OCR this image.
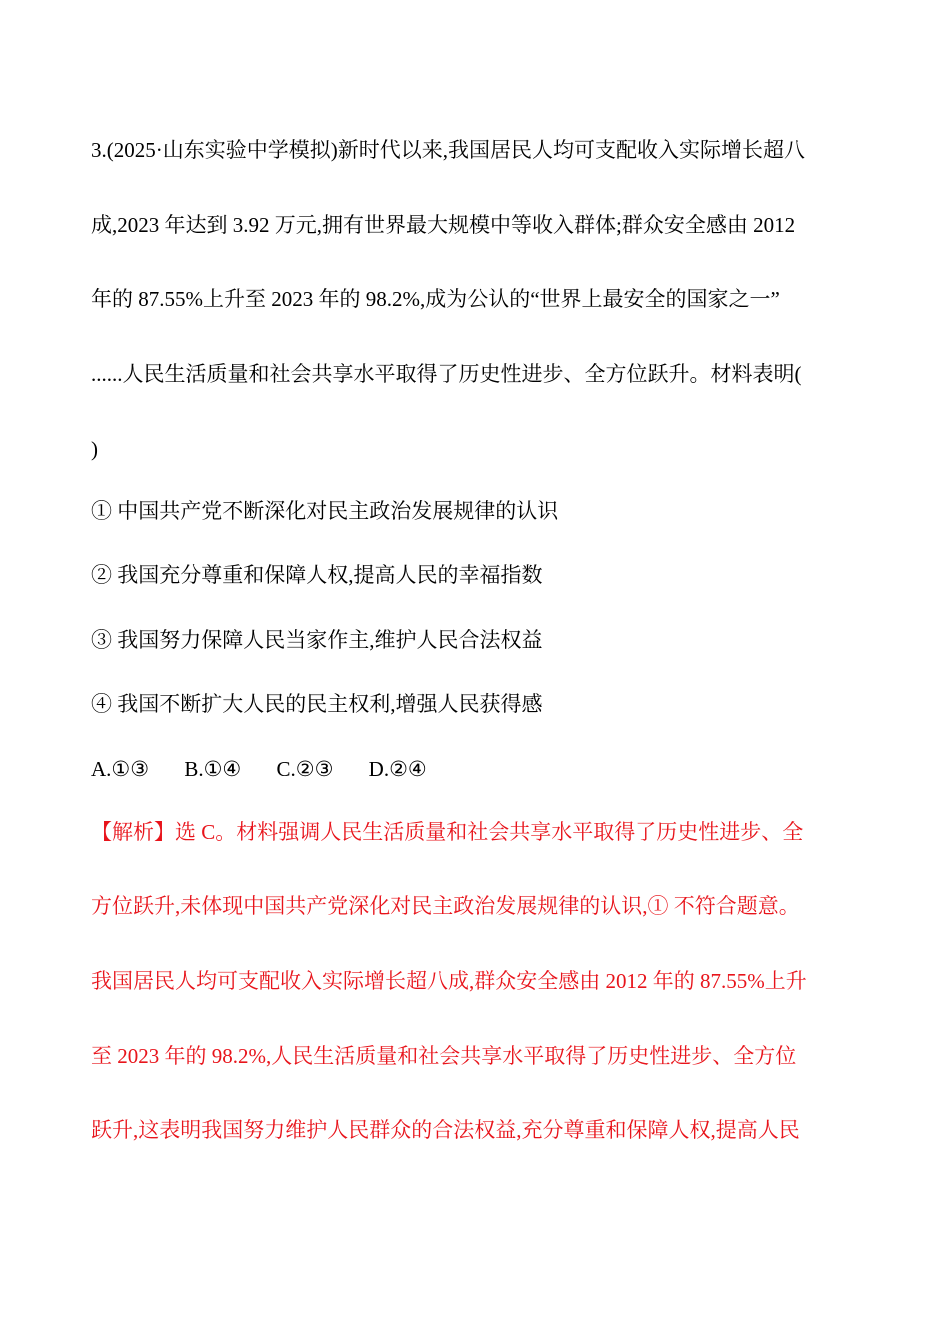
3.(2025·山东实验中学模拟)新时代以来,我国居民人均可支配收入实际增长超八
成,2023 年达到 3.92 万元,拥有世界最大规模中等收入群体;群众安全感由 2012
年的 87.55%上升至 2023 年的 98.2%,成为公认的“世界上最安全的国家之一”
......人民生活质量和社会共享水平取得了历史性进步、全方位跃升。材料表明(
)
① 中国共产党不断深化对民主政治发展规律的认识
② 我国充分尊重和保障人权,提高人民的幸福指数
③ 我国努力保障人民当家作主,维护人民合法权益
④ 我国不断扩大人民的民主权利,增强人民获得感
A.①③ B.①④ C.②③ D.②④
【解析】选 C。材料强调人民生活质量和社会共享水平取得了历史性进步、全
方位跃升,未体现中国共产党深化对民主政治发展规律的认识,① 不符合题意。
我国居民人均可支配收入实际增长超八成,群众安全感由 2012 年的 87.55%上升
至 2023 年的 98.2%,人民生活质量和社会共享水平取得了历史性进步、全方位
跃升,这表明我国努力维护人民群众的合法权益,充分尊重和保障人权,提高人民
